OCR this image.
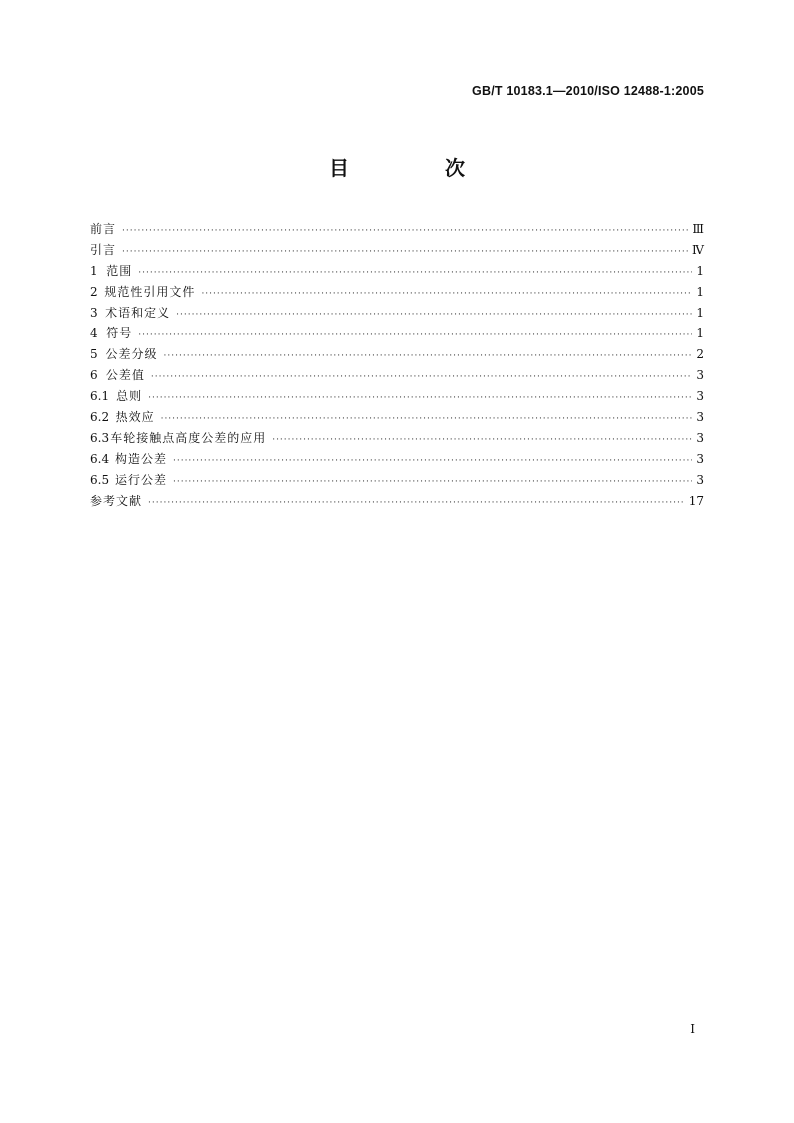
GB/T 10183.1—2010/ISO 12488-1:2005
目　次
前言 ·····	Ⅲ
引言 ·····	Ⅳ
1 范围 ·····	1
2 规范性引用文件 ·····	1
3 术语和定义 ·····	1
4 符号 ·····	1
5 公差分级 ·····	2
6 公差值 ·····	3
6.1 总则 ·····	3
6.2 热效应 ·····	3
6.3 车轮接触点高度公差的应用 ·····	3
6.4 构造公差 ·····	3
6.5 运行公差 ·····	3
参考文献 ·····	17
I
